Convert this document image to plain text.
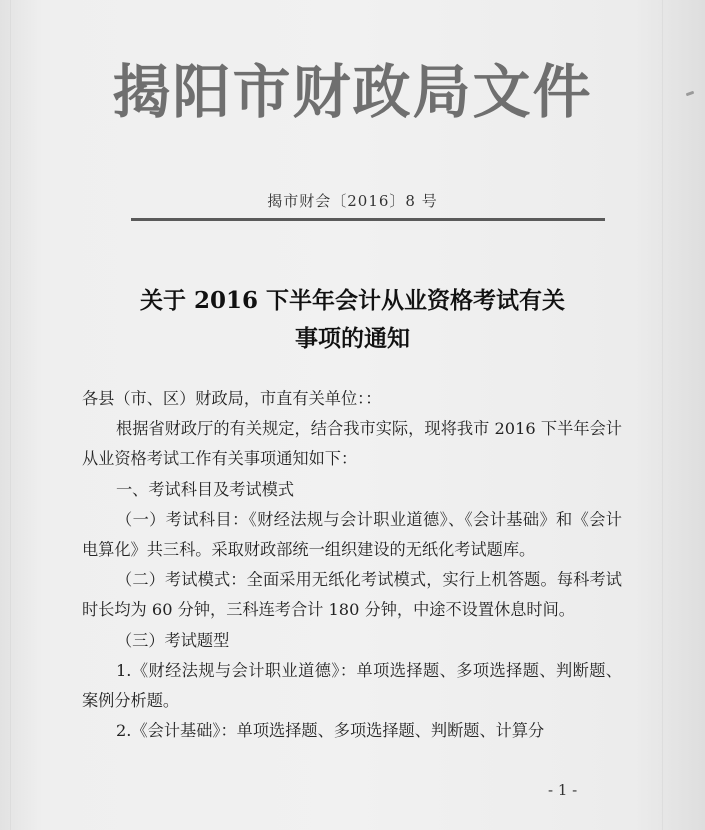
揭阳市财政局文件
揭市财会〔2016〕8 号
关于 2016 下半年会计从业资格考试有关
事项的通知

各县（市、区）财政局，市直有关单位：：

根据省财政厅的有关规定，结合我市实际，现将我市 2016 下半年会计从业资格考试工作有关事项通知如下：

一、考试科目及考试模式

（一）考试科目：《财经法规与会计职业道德》、《会计基础》和《会计电算化》共三科。采取财政部统一组织建设的无纸化考试题库。

（二）考试模式：全面采用无纸化考试模式，实行上机答题。每科考试时长均为 60 分钟，三科连考合计 180 分钟，中途不设置休息时间。

（三）考试题型

1.《财经法规与会计职业道德》：单项选择题、多项选择题、判断题、案例分析题。

2.《会计基础》：单项选择题、多项选择题、判断题、计算分

- 1 -
